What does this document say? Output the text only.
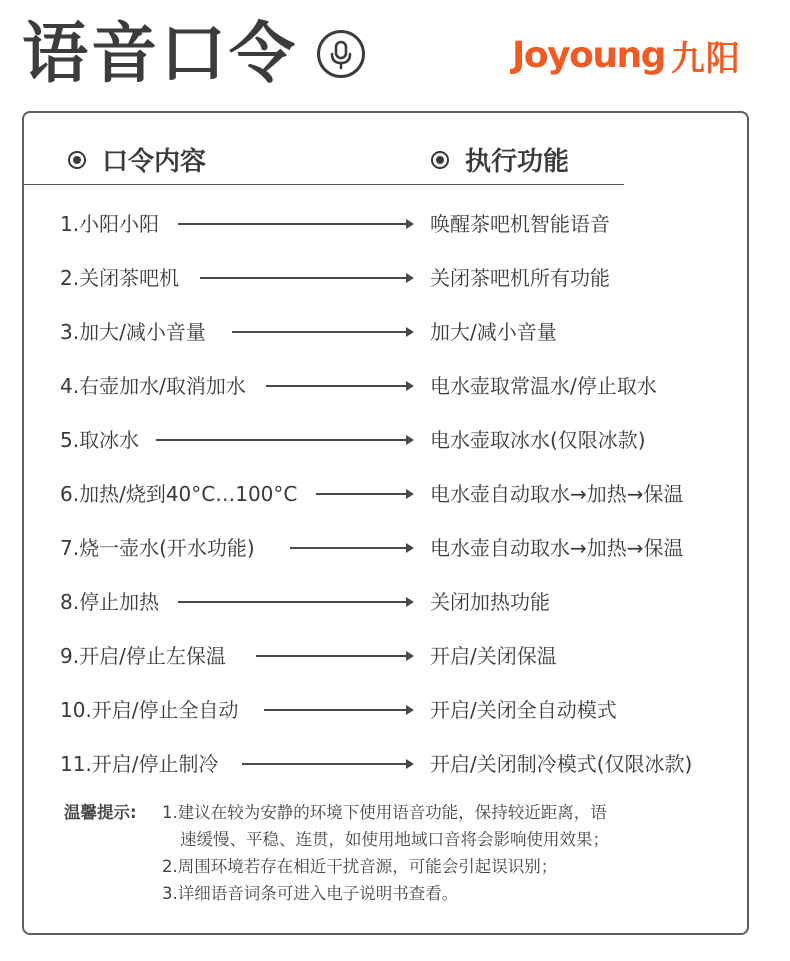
语音口令	Joyoung 九阳
口令内容	执行功能
1.小阳小阳	唤醒茶吧机智能语音
2.关闭茶吧机	关闭茶吧机所有功能
3.加大/减小音量	加大/减小音量
4.右壶加水/取消加水	电水壶取常温水/停止取水
5.取冰水	电水壶取冰水(仅限冰款)
6.加热/烧到40°C…100°C	电水壶自动取水→加热→保温
7.烧一壶水(开水功能)	电水壶自动取水→加热→保温
8.停止加热	关闭加热功能
9.开启/停止左保温	开启/关闭保温
10.开启/停止全自动	开启/关闭全自动模式
11.开启/停止制冷	开启/关闭制冷模式(仅限冰款)
温馨提示: 1.建议在较为安静的环境下使用语音功能，保持较近距离，语
速缓慢、平稳、连贯，如使用地域口音将会影响使用效果；
2.周围环境若存在相近干扰音源，可能会引起误识别；
3.详细语音词条可进入电子说明书查看。
